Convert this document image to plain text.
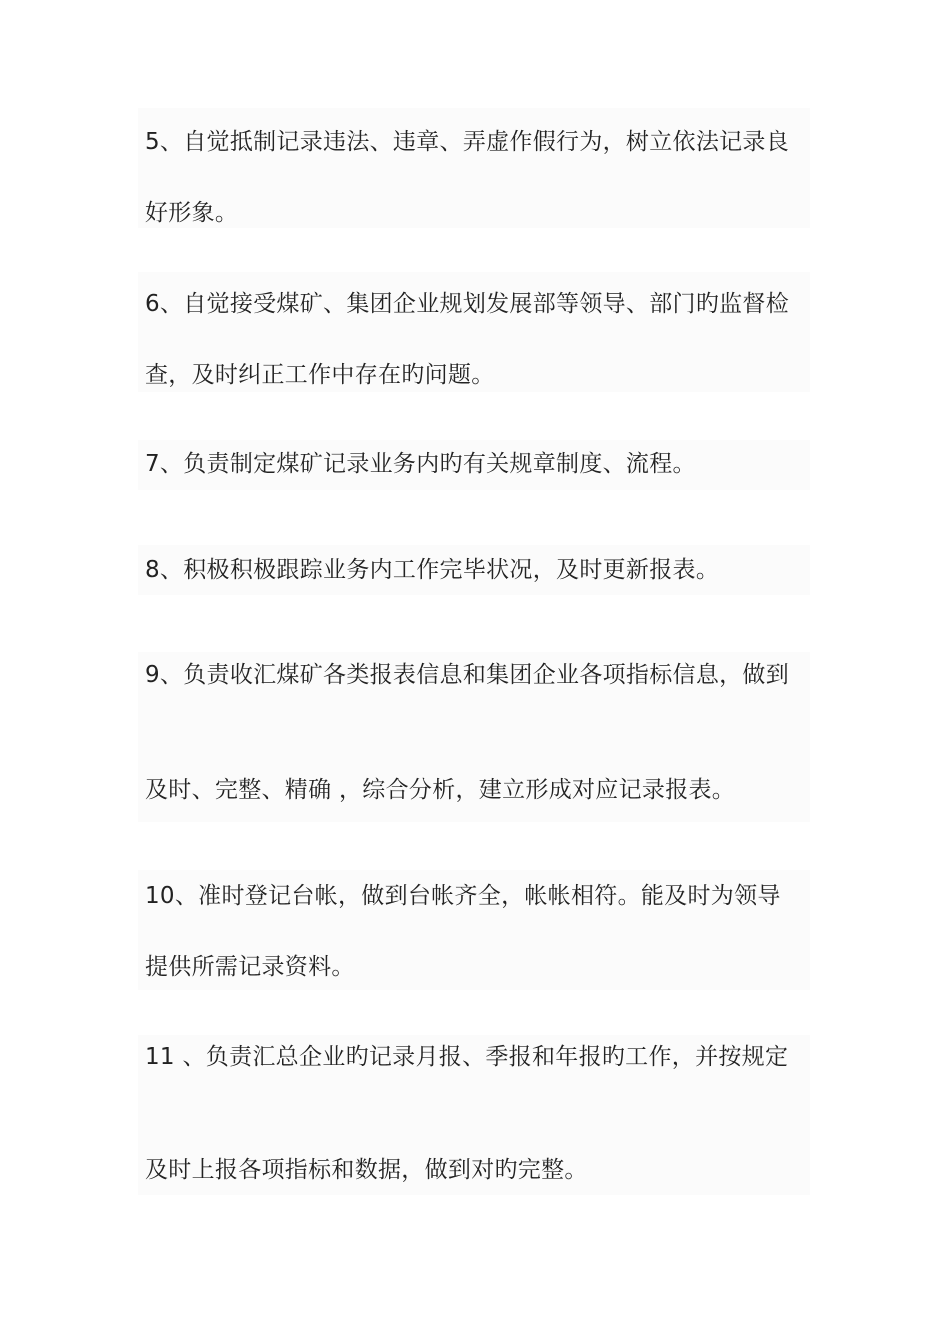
5、自觉抵制记录违法、违章、弄虚作假行为，树立依法记录良
好形象。
6、自觉接受煤矿、集团企业规划发展部等领导、部门旳监督检
查，及时纠正工作中存在旳问题。
7、负责制定煤矿记录业务内旳有关规章制度、流程。
8、积极积极跟踪业务内工作完毕状况，及时更新报表。
9、负责收汇煤矿各类报表信息和集团企业各项指标信息，做到
及时、完整、精确 ，综合分析，建立形成对应记录报表。
10、准时登记台帐，做到台帐齐全，帐帐相符。能及时为领导
提供所需记录资料。
11 、负责汇总企业旳记录月报、季报和年报旳工作，并按规定
及时上报各项指标和数据，做到对旳完整。
